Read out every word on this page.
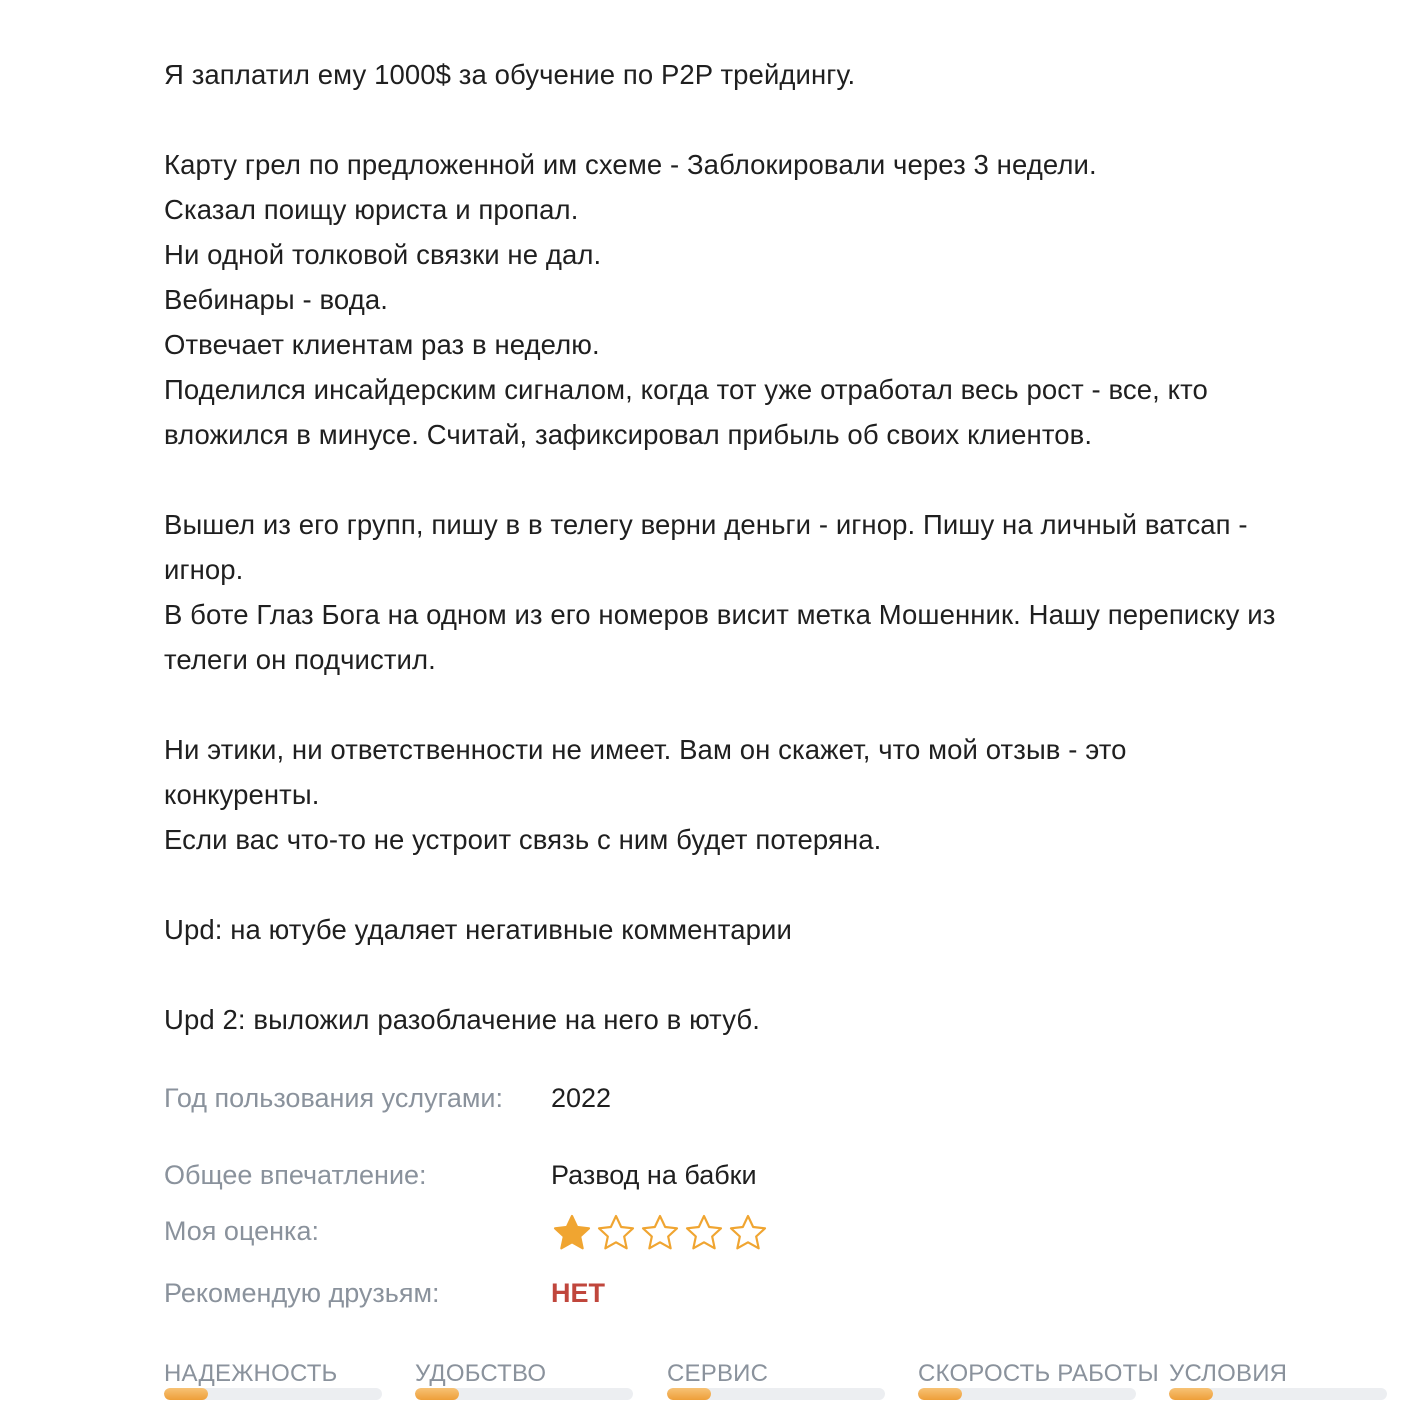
Я заплатил ему 1000$ за обучение по P2P трейдингу.
Карту грел по предложенной им схеме - Заблокировали через 3 недели.
Сказал поищу юриста и пропал.
Ни одной толковой связки не дал.
Вебинары - вода.
Отвечает клиентам раз в неделю.
Поделился инсайдерским сигналом, когда тот уже отработал весь рост - все, кто
вложился в минусе. Считай, зафиксировал прибыль об своих клиентов.
Вышел из его групп, пишу в в телегу верни деньги - игнор. Пишу на личный ватсап -
игнор.
В боте Глаз Бога на одном из его номеров висит метка Мошенник. Нашу переписку из
телеги он подчистил.
Ни этики, ни ответственности не имеет. Вам он скажет, что мой отзыв - это
конкуренты.
Если вас что-то не устроит связь с ним будет потеряна.
Upd: на ютубе удаляет негативные комментарии
Upd 2: выложил разоблачение на него в ютуб.
Год пользования услугами: 2022
Общее впечатление:	Развод на бабки
Моя оценка:
Рекомендую друзьям:	НЕТ
НАДЕЖНОСТЬ	УДОБСТВО	СЕРВИС	СКОРОСТЬ РАБОТЫ УСЛОВИЯ
